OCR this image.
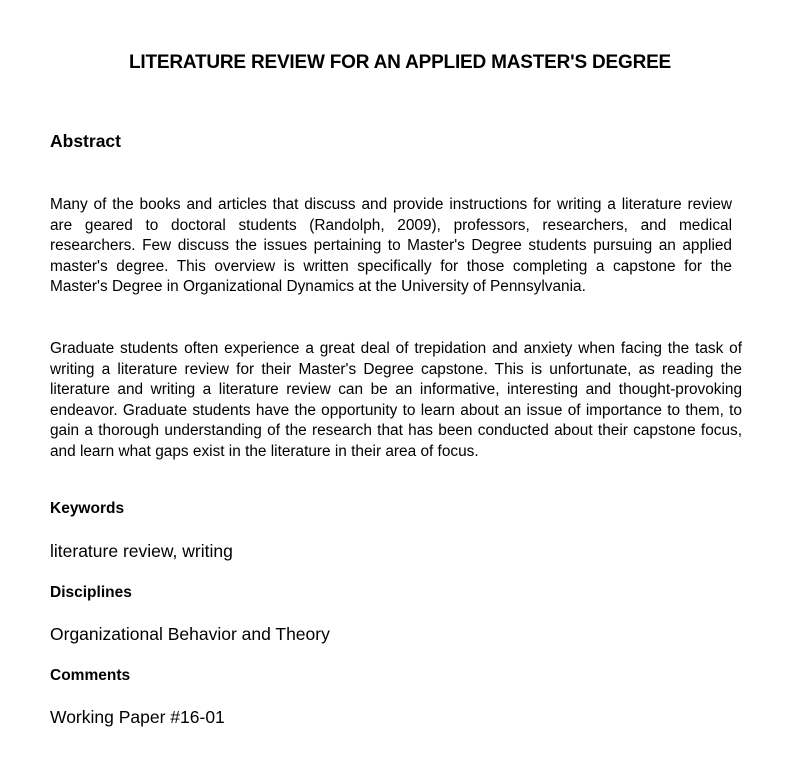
LITERATURE REVIEW FOR AN APPLIED MASTER'S DEGREE
Abstract

Many of the books and articles that discuss and provide instructions for writing a literature review are geared to doctoral students (Randolph, 2009), professors, researchers, and medical researchers. Few discuss the issues pertaining to Master's Degree students pursuing an applied master's degree. This overview is written specifically for those completing a capstone for the Master's Degree in Organizational Dynamics at the University of Pennsylvania.

Graduate students often experience a great deal of trepidation and anxiety when facing the task of writing a literature review for their Master's Degree capstone. This is unfortunate, as reading the literature and writing a literature review can be an informative, interesting and thought-provoking endeavor. Graduate students have the opportunity to learn about an issue of importance to them, to gain a thorough understanding of the research that has been conducted about their capstone focus, and learn what gaps exist in the literature in their area of focus.

Keywords

literature review, writing

Disciplines

Organizational Behavior and Theory

Comments

Working Paper #16-01
